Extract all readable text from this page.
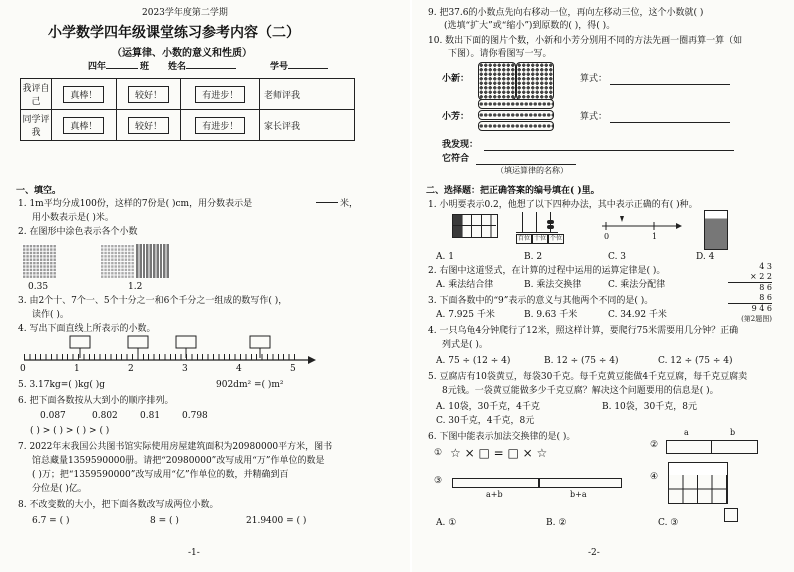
2023学年度第二学期
小学数学四年级课堂练习参考内容（二）
（运算律、小数的意义和性质）
四年	班 姓名	学号
我评自己	真棒！	较好！	有进步！	老师评我
同学评我	真棒！	较好！	有进步！	家长评我
一、填空。
1. 1m平均分成100份，这样的7份是( )cm，用分数表示是	米，
用小数表示是( )米。
2. 在图形中涂色表示各个小数
0.35	1.2
3. 由2个十、7个一、5个十分之一和6个千分之一组成的数写作( )，
读作( )。
4. 写出下面直线上所表示的小数。
0	1	2	3	4	5
5. 3.17kg=( )kg( )g	902dm² =( )m²
6. 把下面各数按从大到小的顺序排列。
0.087	0.802 0.81 0.798
( ) > ( ) > ( ) > ( )
7. 2022年末我国公共图书馆实际使用房屋建筑面积为20980000平方米，图书
馆总藏量1359590000册。请把“20980000”改写成用“万”作单位的数是
( )万；把“1359590000”改写成用“亿”作单位的数，并精确到百
分位是( )亿。
8. 不改变数的大小，把下面各数改写成两位小数。
6.7 = ( )	8 = ( )	21.9400 = ( )
-1-
9. 把37.6的小数点先向右移动一位，再向左移动三位，这个小数就( )
(选填“扩大”或“缩小”)到原数的( )，得( )。
10. 数出下面的图片个数，小新和小芳分别用不同的方法先画一圈再算一算（如
下图）。请你看图写一写。
小新：	算式：
小芳：	算式：
我发现：
它符合
（填运算律的名称）
二、选择题：把正确答案的编号填在( )里。
1. 小明要表示0.2，他想了以下四种办法，其中表示正确的有( )种。
百位 十位 个位	0	1
A. 1	B. 2	C. 3	D. 4
2. 右图中这道竖式，在计算的过程中运用的运算定律是( )。
A. 乘法结合律	B. 乘法交换律	C. 乘法分配律
4 3
× 2 2
8 6
8 6
9 4 6
(第2题图)
3. 下面各数中的“9”表示的意义与其他两个不同的是( )。
A. 7.925 千米	B. 9.63 千米	C. 34.92 千米
4. 一只乌龟4分钟爬行了12米，照这样计算，要爬行75米需要用几分钟？正确
列式是( )。
A. 75 ÷ (12 ÷ 4)	B. 12 ÷ (75 ÷ 4)	C. 12 ÷ (75 ÷ 4)
5. 豆腐店有10袋黄豆，每袋30千克。每千克黄豆能做4千克豆腐，每千克豆腐卖
8元钱。一袋黄豆能做多少千克豆腐？解决这个问题要用的信息是( )。
A. 10袋，30千克，4千克	B. 10袋，30千克，8元
C. 30千克，4千克，8元
6. 下图中能表示加法交换律的是( )。
① ☆ × □ = □ × ☆
③
a+b	b+a
②
a	b
④
A. ①	B. ②	C. ③
-2-
